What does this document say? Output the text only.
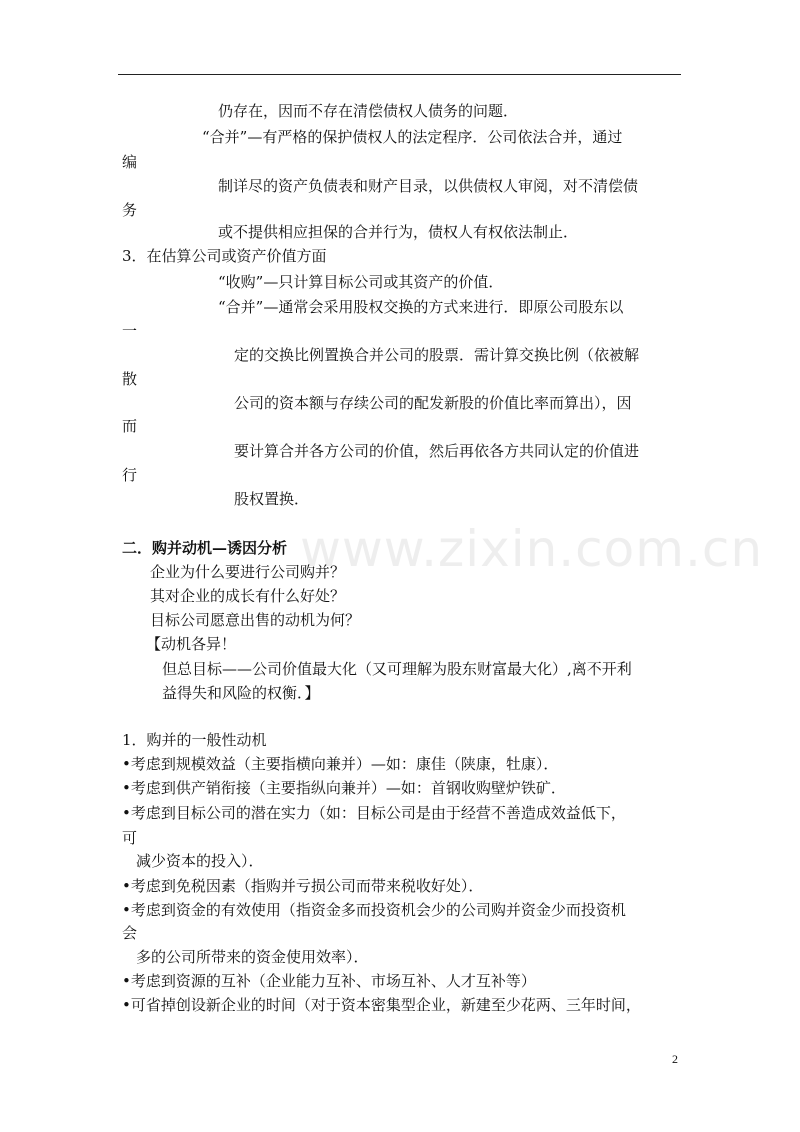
www.zixin.com.cn
仍存在，因而不存在清偿债权人债务的问题．
“合并”—有严格的保护债权人的法定程序．公司依法合并，通过
编
制详尽的资产负债表和财产目录，以供债权人审阅，对不清偿债
务
或不提供相应担保的合并行为，债权人有权依法制止．
3．在估算公司或资产价值方面
“收购”—只计算目标公司或其资产的价值．
“合并”—通常会采用股权交换的方式来进行．即原公司股东以
一
定的交换比例置换合并公司的股票．需计算交换比例（依被解
散
公司的资本额与存续公司的配发新股的价值比率而算出），因
而
要计算合并各方公司的价值，然后再依各方共同认定的价值进
行
股权置换．
二．购并动机—诱因分析
企业为什么要进行公司购并？
其对企业的成长有什么好处？
目标公司愿意出售的动机为何？
【动机各异！
但总目标——公司价值最大化（又可理解为股东财富最大化）,离不开利
益得失和风险的权衡．】
1．购并的一般性动机
•考虑到规模效益（主要指横向兼并）—如：康佳（陕康，牡康）．
•考虑到供产销衔接（主要指纵向兼并）—如：首钢收购壁炉铁矿．
•考虑到目标公司的潜在实力（如：目标公司是由于经营不善造成效益低下，
可
减少资本的投入）．
•考虑到免税因素（指购并亏损公司而带来税收好处）．
•考虑到资金的有效使用（指资金多而投资机会少的公司购并资金少而投资机
会
多的公司所带来的资金使用效率）．
•考虑到资源的互补（企业能力互补、市场互补、人才互补等）
•可省掉创设新企业的时间（对于资本密集型企业，新建至少花两、三年时间，
2
